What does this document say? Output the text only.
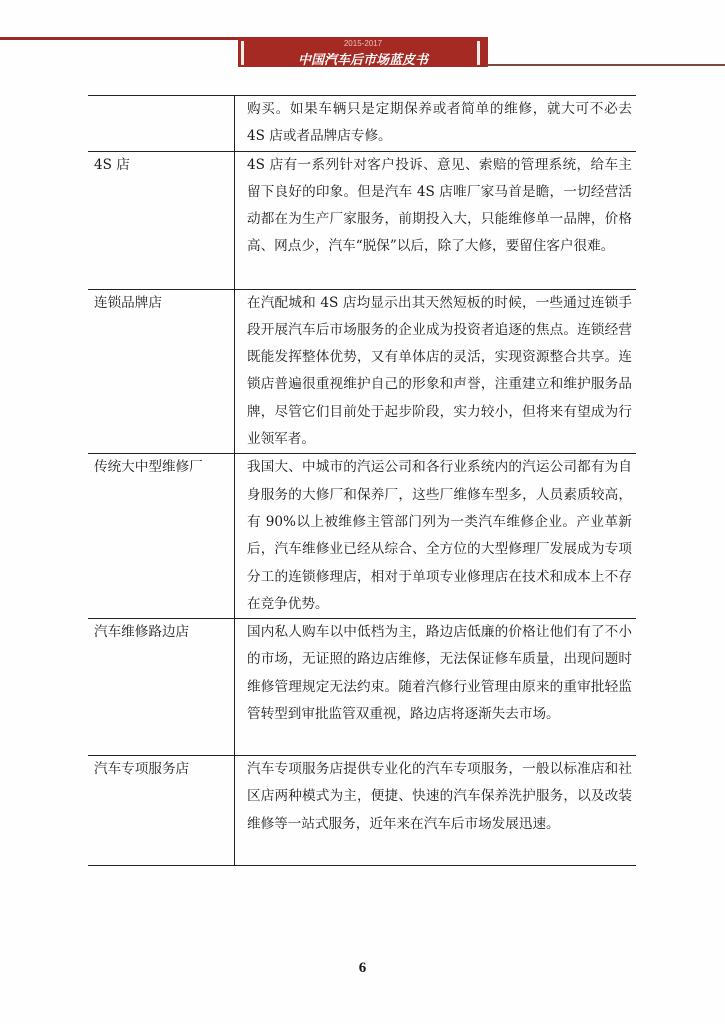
2015-2017
中国汽车后市场蓝皮书
	购买。如果车辆只是定期保养或者简单的维修，就大可不必去 4S 店或者品牌店专修。
4S 店	4S 店有一系列针对客户投诉、意见、索赔的管理系统，给车主留下良好的印象。但是汽车 4S 店唯厂家马首是瞻，一切经营活动都在为生产厂家服务，前期投入大，只能维修单一品牌，价格高、网点少，汽车“脱保”以后，除了大修，要留住客户很难。
连锁品牌店	在汽配城和 4S 店均显示出其天然短板的时候，一些通过连锁手段开展汽车后市场服务的企业成为投资者追逐的焦点。连锁经营既能发挥整体优势，又有单体店的灵活，实现资源整合共享。连锁店普遍很重视维护自己的形象和声誉，注重建立和维护服务品牌，尽管它们目前处于起步阶段，实力较小，但将来有望成为行业领军者。
传统大中型维修厂	我国大、中城市的汽运公司和各行业系统内的汽运公司都有为自身服务的大修厂和保养厂，这些厂维修车型多，人员素质较高，有 90%以上被维修主管部门列为一类汽车维修企业。产业革新后，汽车维修业已经从综合、全方位的大型修理厂发展成为专项分工的连锁修理店，相对于单项专业修理店在技术和成本上不存在竞争优势。
汽车维修路边店	国内私人购车以中低档为主，路边店低廉的价格让他们有了不小的市场，无证照的路边店维修，无法保证修车质量，出现问题时维修管理规定无法约束。随着汽修行业管理由原来的重审批轻监管转型到审批监管双重视，路边店将逐渐失去市场。
汽车专项服务店	汽车专项服务店提供专业化的汽车专项服务，一般以标准店和社区店两种模式为主，便捷、快速的汽车保养洗护服务，以及改装维修等一站式服务，近年来在汽车后市场发展迅速。
6
